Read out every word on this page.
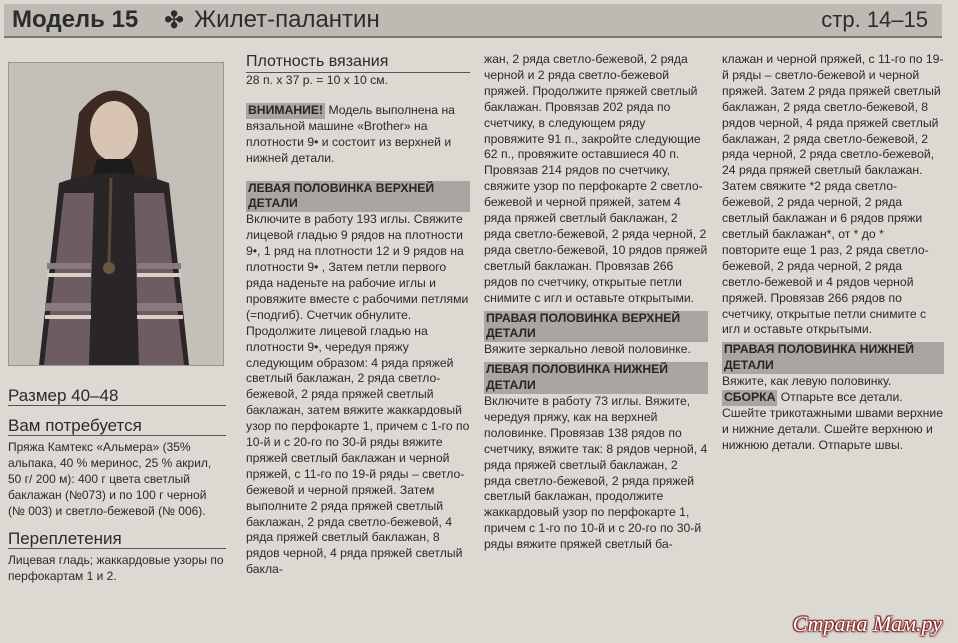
Модель 15 ✤ Жилет-палантин	стр. 14–15

Размер 40–48

Вам потребуется

Пряжа Камтекс «Альмера» (35% альпака, 40 % меринос, 25 % акрил, 50 г/ 200 м): 400 г цвета светлый баклажан (№073) и по 100 г черной (№ 003) и светло-бежевой (№ 006).

Переплетения

Лицевая гладь; жаккардовые узоры по перфокартам 1 и 2.

Плотность вязания

28 п. х 37 р. = 10 х 10 см.

ВНИМАНИЕ! Модель выполнена на вязальной машине «Brother» на плотности 9• и состоит из верхней и нижней детали.

ЛЕВАЯ ПОЛОВИНКА ВЕРХНЕЙ ДЕТАЛИ Включите в работу 193 иглы. Свяжите лицевой гладью 9 рядов на плотности 9•, 1 ряд на плотности 12 и 9 рядов на плотности 9• , Затем петли первого ряда наденьте на рабочие иглы и провяжите вместе с рабочими петлями (=подгиб). Счетчик обнулите. Продолжите лицевой гладью на плотности 9•, чередуя пряжу следующим образом: 4 ряда пряжей светлый баклажан, 2 ряда светло-бежевой, 2 ряда пряжей светлый баклажан, затем вяжите жаккардовый узор по перфокарте 1, причем с 1-го по 10-й и с 20-го по 30-й ряды вяжите пряжей светлый баклажан и черной пряжей, с 11-го по 19-й ряды – светло-бежевой и черной пряжей. Затем выполните 2 ряда пряжей светлый баклажан, 2 ряда светло-бежевой, 4 ряда пряжей светлый баклажан, 8 рядов черной, 4 ряда пряжей светлый бакла-

жан, 2 ряда светло-бежевой, 2 ряда черной и 2 ряда светло-бежевой пряжей. Продолжите пряжей светлый баклажан. Провязав 202 ряда по счетчику, в следующем ряду провяжите 91 п., закройте следующие 62 п., провяжите оставшиеся 40 п. Провязав 214 рядов по счетчику, свяжите узор по перфокарте 2 светло-бежевой и черной пряжей, затем 4 ряда пряжей светлый баклажан, 2 ряда светло-бежевой, 2 ряда черной, 2 ряда светло-бежевой, 10 рядов пряжей светлый баклажан. Провязав 266 рядов по счетчику, открытые петли снимите с игл и оставьте открытыми.

ПРАВАЯ ПОЛОВИНКА ВЕРХНЕЙ ДЕТАЛИ Вяжите зеркально левой половинке.

ЛЕВАЯ ПОЛОВИНКА НИЖНЕЙ ДЕТАЛИ Включите в работу 73 иглы. Вяжите, чередуя пряжу, как на верхней половинке. Провязав 138 рядов по счетчику, вяжите так: 8 рядов черной, 4 ряда пряжей светлый баклажан, 2 ряда светло-бежевой, 2 ряда пряжей светлый баклажан, продолжите жаккардовый узор по перфокарте 1, причем с 1-го по 10-й и с 20-го по 30-й ряды вяжите пряжей светлый ба-

клажан и черной пряжей, с 11-го по 19-й ряды – светло-бежевой и черной пряжей. Затем 2 ряда пряжей светлый баклажан, 2 ряда светло-бежевой, 8 рядов черной, 4 ряда пряжей светлый баклажан, 2 ряда светло-бежевой, 2 ряда черной, 2 ряда светло-бежевой, 24 ряда пряжей светлый баклажан. Затем свяжите *2 ряда светло-бежевой, 2 ряда черной, 2 ряда светлый баклажан и 6 рядов пряжи светлый баклажан*, от * до * повторите еще 1 раз, 2 ряда светло-бежевой, 2 ряда черной, 2 ряда светло-бежевой и 4 рядов черной пряжей. Провязав 266 рядов по счетчику, открытые петли снимите с игл и оставьте открытыми.

ПРАВАЯ ПОЛОВИНКА НИЖНЕЙ ДЕТАЛИ Вяжите, как левую половинку.

СБОРКА Отпарьте все детали. Сшейте трикотажными швами верхние и нижние детали. Сшейте верхнюю и нижнюю детали. Отпарьте швы.

Страна Мам.ру
